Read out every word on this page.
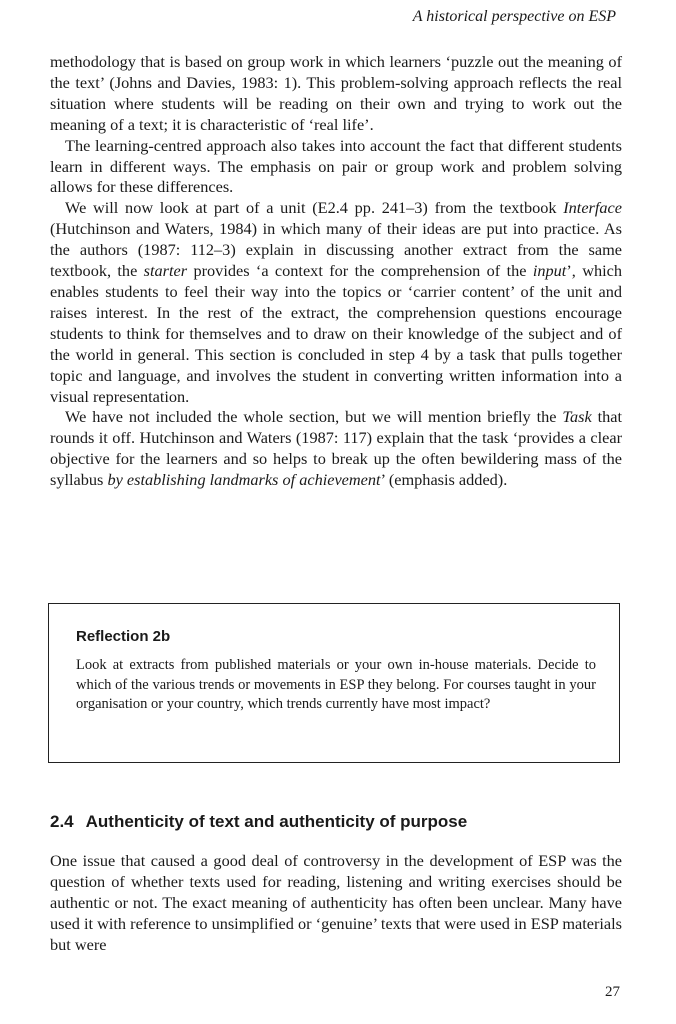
A historical perspective on ESP

methodology that is based on group work in which learners ‘puzzle out the meaning of the text’ (Johns and Davies, 1983: 1). This problem-solving approach reflects the real situation where students will be reading on their own and trying to work out the meaning of a text; it is characteristic of ‘real life’.

The learning-centred approach also takes into account the fact that different students learn in different ways. The emphasis on pair or group work and problem solving allows for these differences.

We will now look at part of a unit (E2.4 pp. 241–3) from the textbook Interface (Hutchinson and Waters, 1984) in which many of their ideas are put into practice. As the authors (1987: 112–3) explain in discussing another extract from the same textbook, the starter provides ‘a context for the comprehension of the input’, which enables students to feel their way into the topics or ‘carrier content’ of the unit and raises interest. In the rest of the extract, the comprehension questions encourage students to think for themselves and to draw on their knowledge of the subject and of the world in general. This section is concluded in step 4 by a task that pulls together topic and language, and involves the student in converting written information into a visual representation.

We have not included the whole section, but we will mention briefly the Task that rounds it off. Hutchinson and Waters (1987: 117) explain that the task ‘provides a clear objective for the learners and so helps to break up the often bewildering mass of the syllabus by establishing landmarks of achievement’ (emphasis added).

Reflection 2b
Look at extracts from published materials or your own in-house materials. Decide to which of the various trends or movements in ESP they belong. For courses taught in your organisation or your country, which trends currently have most impact?
2.4 Authenticity of text and authenticity of purpose
One issue that caused a good deal of controversy in the development of ESP was the question of whether texts used for reading, listening and writing exercises should be authentic or not. The exact meaning of authenticity has often been unclear. Many have used it with reference to unsimplified or ‘genuine’ texts that were used in ESP materials but were
27
